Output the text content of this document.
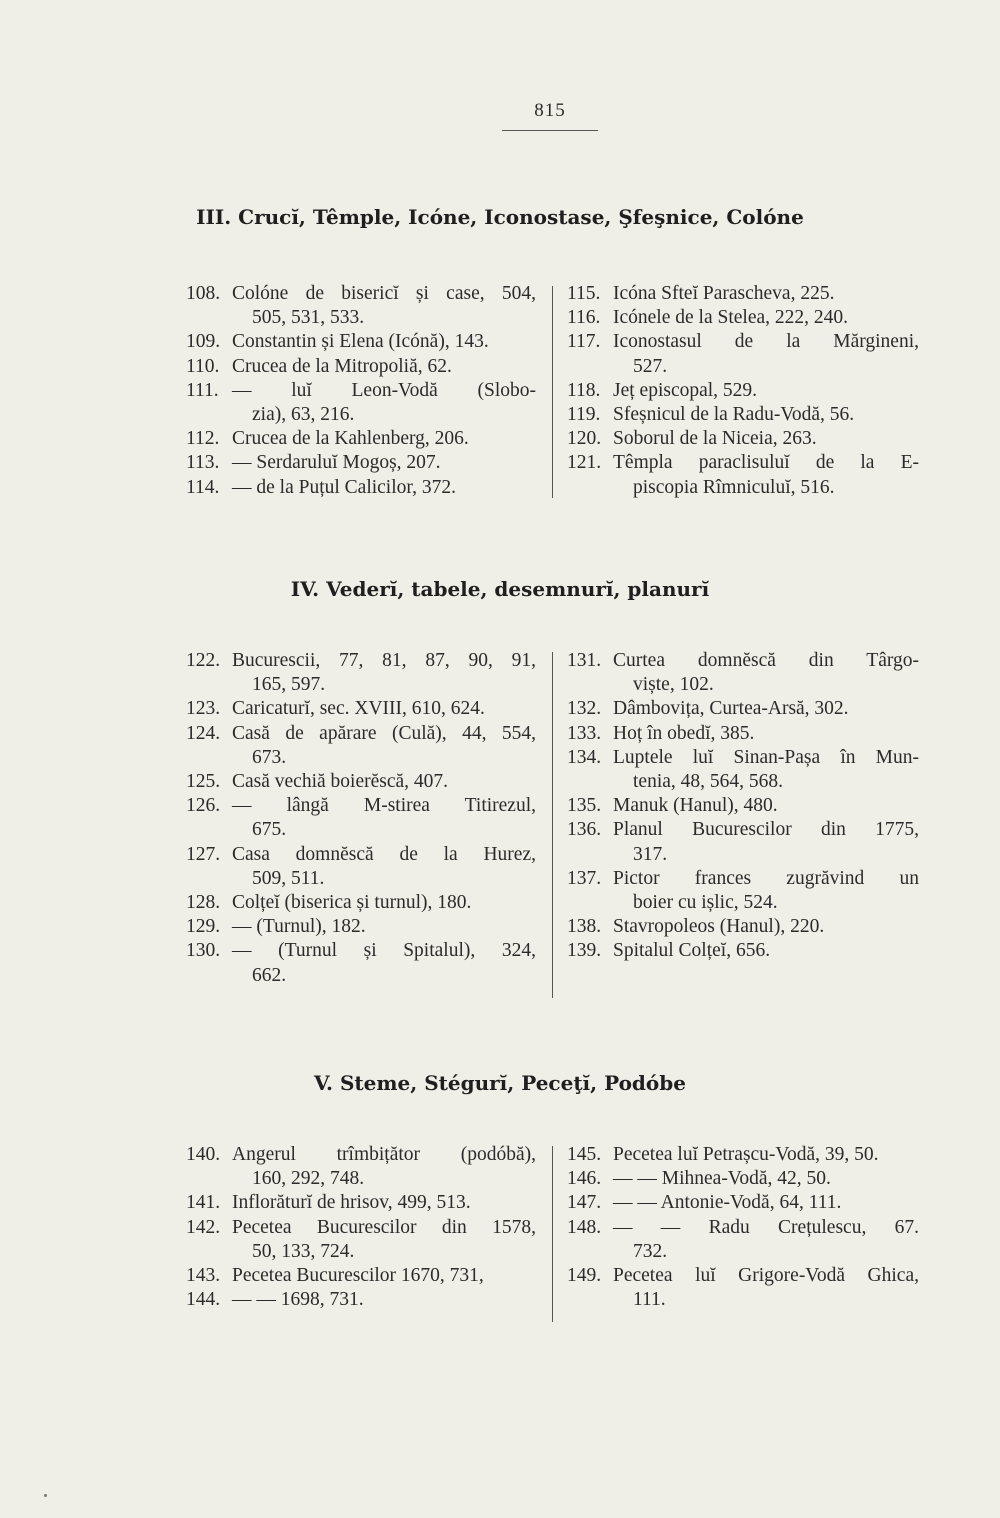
815
III. Crucĭ, Têmple, Icóne, Iconostase, Şfeşnice, Colóne
108. Colóne de bisericĭ și case, 504,
505, 531, 533.
109. Constantin și Elena (Icónă), 143.
110. Crucea de la Mitropoliă, 62.
111. — luĭ Leon-Vodă (Slobo-
zia), 63, 216.
112. Crucea de la Kahlenberg, 206.
113. — Serdaruluĭ Mogoș, 207.
114. — de la Puțul Calicilor, 372.
115. Icóna Sfteĭ Parascheva, 225.
116. Icónele de la Stelea, 222, 240.
117. Iconostasul de la Mărgineni,
527.
118. Jeț episcopal, 529.
119. Sfeșnicul de la Radu-Vodă, 56.
120. Soborul de la Niceia, 263.
121. Têmpla paraclisuluĭ de la E-
piscopia Rîmniculuĭ, 516.
IV. Vederĭ, tabele, desemnurĭ, planurĭ
122. Bucurescii, 77, 81, 87, 90, 91,
165, 597.
123. Caricaturĭ, sec. XVIII, 610, 624.
124. Casă de apărare (Culă), 44, 554,
673.
125. Casă vechiă boierĕscă, 407.
126. — lângă M-stirea Titirezul,
675.
127. Casa domnĕscă de la Hurez,
509, 511.
128. Colțeĭ (biserica și turnul), 180.
129. — (Turnul), 182.
130. — (Turnul și Spitalul), 324,
662.
131. Curtea domnĕscă din Târgo-
viște, 102.
132. Dâmbovița, Curtea-Arsă, 302.
133. Hoț în obedĭ, 385.
134. Luptele luĭ Sinan-Pașa în Mun-
tenia, 48, 564, 568.
135. Manuk (Hanul), 480.
136. Planul Bucurescilor din 1775,
317.
137. Pictor frances zugrăvind un
boier cu ișlic, 524.
138. Stavropoleos (Hanul), 220.
139. Spitalul Colțeĭ, 656.
V. Steme, Stégurĭ, Peceţĭ, Podóbe
140. Angerul trîmbițător (podóbă),
160, 292, 748.
141. Inflorăturĭ de hrisov, 499, 513.
142. Pecetea Bucurescilor din 1578,
50, 133, 724.
143. Pecetea Bucurescilor 1670, 731,
144. — — 1698, 731.
145. Pecetea luĭ Petrașcu-Vodă, 39, 50.
146. — — Mihnea-Vodă, 42, 50.
147. — — Antonie-Vodă, 64, 111.
148. — — Radu Crețulescu, 67.
732.
149. Pecetea luĭ Grigore-Vodă Ghica,
111.
